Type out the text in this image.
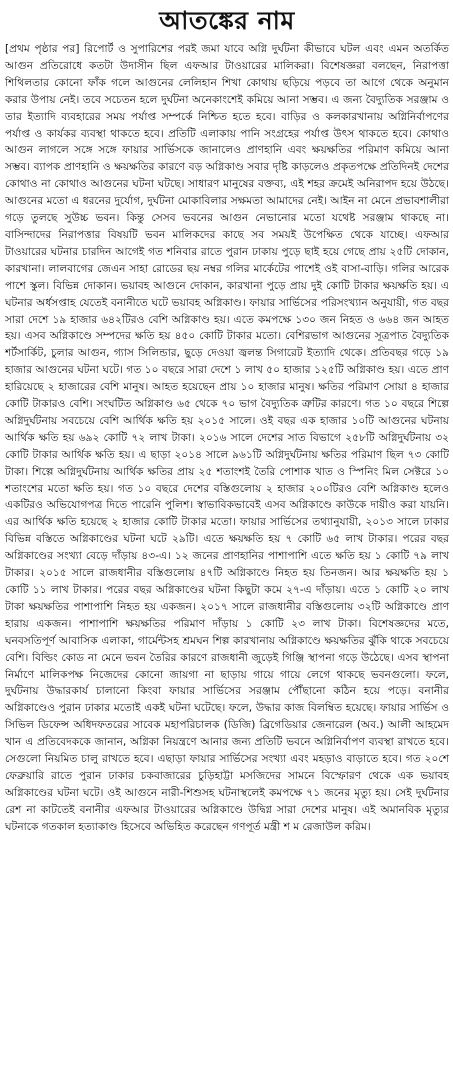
আতঙ্কের নাম

[প্রথম পৃষ্ঠার পর] রিপোর্ট ও সুপারিশের পরই জমা যাবে অগ্নি দুর্ঘটনা কীভাবে ঘটল এবং এমন অতর্কিত আগুন প্রতিরোধে কতটা উদাসীন ছিল এফআর টাওয়ারের মালিকরা। বিশেষজ্ঞরা বলছেন, নিরাপত্তা শিথিলতার কোনো ফাঁক গলে আগুনের লেলিহান শিখা কোথায় ছড়িয়ে পড়বে তা আগে থেকে অনুমান করার উপায় নেই। তবে সচেতন হলে দুর্ঘটনা অনেকাংশেই কমিয়ে আনা সম্ভব। এ জন্য বৈদ্যুতিক সরঞ্জাম ও তার ইত্যাদি ব্যবহারের সময় পর্যাপ্ত সম্পর্কে নিশ্চিত হতে হবে। বাড়ির ও কলকারখানায় অগ্নিনির্বাপণের পর্যাপ্ত ও কার্যকর ব্যবস্থা থাকতে হবে। প্রতিটি এলাকায় পানি সংগ্রহের পর্যাপ্ত উৎস থাকতে হবে। কোথাও আগুন লাগলে সঙ্গে সঙ্গে ফায়ার সার্ভিসকে জানালেও প্রাণহানি এবং ক্ষয়ক্ষতির পরিমাণ কমিয়ে আনা সম্ভব। ব্যাপক প্রাণহানি ও ক্ষয়ক্ষতির কারণে বড় অগ্নিকাণ্ড সবার দৃষ্টি কাড়লেও প্রকৃতপক্ষে প্রতিদিনই দেশের কোথাও না কোথাও আগুনের ঘটনা ঘটছে। সাধারণ মানুষের বক্তব্য, এই শহর ক্রমেই অনিরাপদ হয়ে উঠছে। আগুনের মতো এ ধরনের দুর্যোগ, দুর্ঘটনা মোকাবিলার সক্ষমতা আমাদের নেই। আইন না মেনে প্রভাবশালীরা গড়ে তুলছে সুউচ্চ ভবন। কিন্তু সেসব ভবনের আগুন নেভানোর মতো যথেষ্ট সরঞ্জাম থাকছে না। বাসিন্দাদের নিরাপত্তার বিষয়টি ভবন মালিকদের কাছে সব সময়ই উপেক্ষিত থেকে যাচ্ছে। এফআর টাওয়ারের ঘটনার চারদিন আগেই গত শনিবার রাতে পুরান ঢাকায় পুড়ে ছাই হয়ে গেছে প্রায় ২৫টি দোকান, কারখানা। লালবাগের জেএন সাহা রোডের ছয় নম্বর গলির মার্কেটের পাশেই ওই বাসা-বাড়ি। গলির আরেক পাশে স্কুল। বিভিন্ন দোকান। ভয়াবহ আগুনে দোকান, কারখানা পুড়ে প্রায় দুই কোটি টাকার ক্ষয়ক্ষতি হয়। এ ঘটনার অর্ধসপ্তাহ যেতেই বনানীতে ঘটে ভয়াবহ অগ্নিকাণ্ড। ফায়ার সার্ভিসের পরিসংখ্যান অনুযায়ী, গত বছর সারা দেশে ১৯ হাজার ৬৪২টিরও বেশি অগ্নিকাণ্ড হয়। এতে কমপক্ষে ১৩০ জন নিহত ও ৬৬৪ জন আহত হয়। এসব অগ্নিকাণ্ডে সম্পদের ক্ষতি হয় ৪৫০ কোটি টাকার মতো। বেশিরভাগ আগুনের সূত্রপাত বৈদ্যুতিক শর্টসার্কিট, চুলার আগুন, গ্যাস সিলিন্ডার, ছুড়ে দেওয়া জ্বলন্ত সিগারেট ইত্যাদি থেকে। প্রতিবছর গড়ে ১৯ হাজার আগুনের ঘটনা ঘটে। গত ১০ বছরে সারা দেশে ১ লাখ ৫০ হাজার ১২৫টি অগ্নিকাণ্ড হয়। এতে প্রাণ হারিয়েছে ২ হাজারের বেশি মানুষ। আহত হয়েছেন প্রায় ১০ হাজার মানুষ। ক্ষতির পরিমাণ সোয়া ৪ হাজার কোটি টাকারও বেশি। সংঘটিত অগ্নিকাণ্ড ৬৫ থেকে ৭০ ভাগ বৈদ্যুতিক ত্রুটির কারণে। গত ১০ বছরে শিল্পে অগ্নিদুর্ঘটনায় সবচেয়ে বেশি আর্থিক ক্ষতি হয় ২০১৫ সালে। ওই বছর এক হাজার ১০টি আগুনের ঘটনায় আর্থিক ক্ষতি হয় ৬৯২ কোটি ৭২ লাখ টাকা। ২০১৬ সালে দেশের সাত বিভাগে ২৫৮টি অগ্নিদুর্ঘটনায় ৩২ কোটি টাকার আর্থিক ক্ষতি হয়। এ ছাড়া ২০১৪ সালে ৯৬১টি অগ্নিদুর্ঘটনায় ক্ষতির পরিমাণ ছিল ৭৩ কোটি টাকা। শিল্পে অগ্নিদুর্ঘটনায় আর্থিক ক্ষতির প্রায় ২৫ শতাংশই তৈরি পোশাক খাত ও স্পিনিং মিল সেক্টরে ১০ শতাংশের মতো ক্ষতি হয়। গত ১০ বছরে দেশের বস্তিগুলোয় ২ হাজার ২০০টিরও বেশি অগ্নিকাণ্ড হলেও একটিরও অভিযোগপত্র দিতে পারেনি পুলিশ। স্বাভাবিকভাবেই এসব অগ্নিকাণ্ডে কাউকে দায়ীও করা যায়নি। এর আর্থিক ক্ষতি হয়েছে ২ হাজার কোটি টাকার মতো। ফায়ার সার্ভিসের তথ্যানুযায়ী, ২০১৩ সালে ঢাকার বিভিন্ন বস্তিতে অগ্নিকাণ্ডের ঘটনা ঘটে ২৯টি। এতে ক্ষয়ক্ষতি হয় ৭ কোটি ৬৫ লাখ টাকার। পরের বছর অগ্নিকাণ্ডের সংখ্যা বেড়ে দাঁড়ায় ৪৩-এ। ১২ জনের প্রাণহানির পাশাপাশি এতে ক্ষতি হয় ১ কোটি ৭৯ লাখ টাকার। ২০১৫ সালে রাজধানীর বস্তিগুলোয় ৪৭টি অগ্নিকাণ্ডে নিহত হয় তিনজন। আর ক্ষয়ক্ষতি হয় ১ কোটি ১১ লাখ টাকার। পরের বছর অগ্নিকাণ্ডের ঘটনা কিছুটা কমে ২৭-এ দাঁড়ায়। এতে ১ কোটি ২০ লাখ টাকা ক্ষয়ক্ষতির পাশাপাশি নিহত হয় একজন। ২০১৭ সালে রাজধানীর বস্তিগুলোয় ৩২টি অগ্নিকাণ্ডে প্রাণ হারায় একজন। পাশাপাশি ক্ষয়ক্ষতির পরিমাণ দাঁড়ায় ১ কোটি ২৩ লাখ টাকা। বিশেষজ্ঞদের মতে, ঘনবসতিপূর্ণ আবাসিক এলাকা, গার্মেন্টসহ শ্রমঘন শিল্প কারখানায় অগ্নিকাণ্ডে ক্ষয়ক্ষতির ঝুঁকি থাকে সবচেয়ে বেশি। বিল্ডিং কোড না মেনে ভবন তৈরির কারণে রাজধানী জুড়েই গিঞ্জি স্থাপনা গড়ে উঠেছে। এসব স্থাপনা নির্মাণে মালিকপক্ষ নিজেদের কোনো জায়গা না ছাড়ায় গায়ে গায়ে লেগে থাকছে ভবনগুলো। ফলে, দুর্ঘটনায় উদ্ধারকার্য চালানো কিংবা ফায়ার সার্ভিসের সরঞ্জাম পৌঁছানো কঠিন হয়ে পড়ে। বনানীর অগ্নিকাণ্ডেও পুরান ঢাকার মতোই একই ঘটনা ঘটেছে। ফলে, উদ্ধার কাজ বিলম্বিত হয়েছে। ফায়ার সার্ভিস ও সিভিল ডিফেন্স অধিদফতরের সাবেক মহাপরিচালক (ডিজি) ব্রিগেডিয়ার জেনারেল (অব.) আলী আহমেদ খান এ প্রতিবেদককে জানান, অগ্নিকা নিয়ন্ত্রণে আনার জন্য প্রতিটি ভবনে অগ্নিনির্বাপণ ব্যবস্থা রাখতে হবে। সেগুলো নিয়মিত চালু রাখতে হবে। এছাড়া ফায়ার সার্ভিসের সংখ্যা এবং মহড়াও বাড়াতে হবে। গত ২০শে ফেব্রুয়ারি রাতে পুরান ঢাকার চকবাজারের চুড়িহাট্টা মসজিদের সামনে বিস্ফোরণ থেকে এক ভয়াবহ অগ্নিকাণ্ডের ঘটনা ঘটে। ওই আগুনে নারী-শিশুসহ ঘটনাস্থলেই কমপক্ষে ৭১ জনের মৃত্যু হয়। সেই দুর্ঘটনার রেশ না কাটতেই বনানীর এফআর টাওয়ারের অগ্নিকাণ্ডে উদ্বিগ্ন সারা দেশের মানুষ। এই অমানবিক মৃত্যুর ঘটনাকে গতকাল হত্যাকাণ্ড হিসেবে অভিহিত করেছেন গণপূর্ত মন্ত্রী শ ম রেজাউল করিম।
